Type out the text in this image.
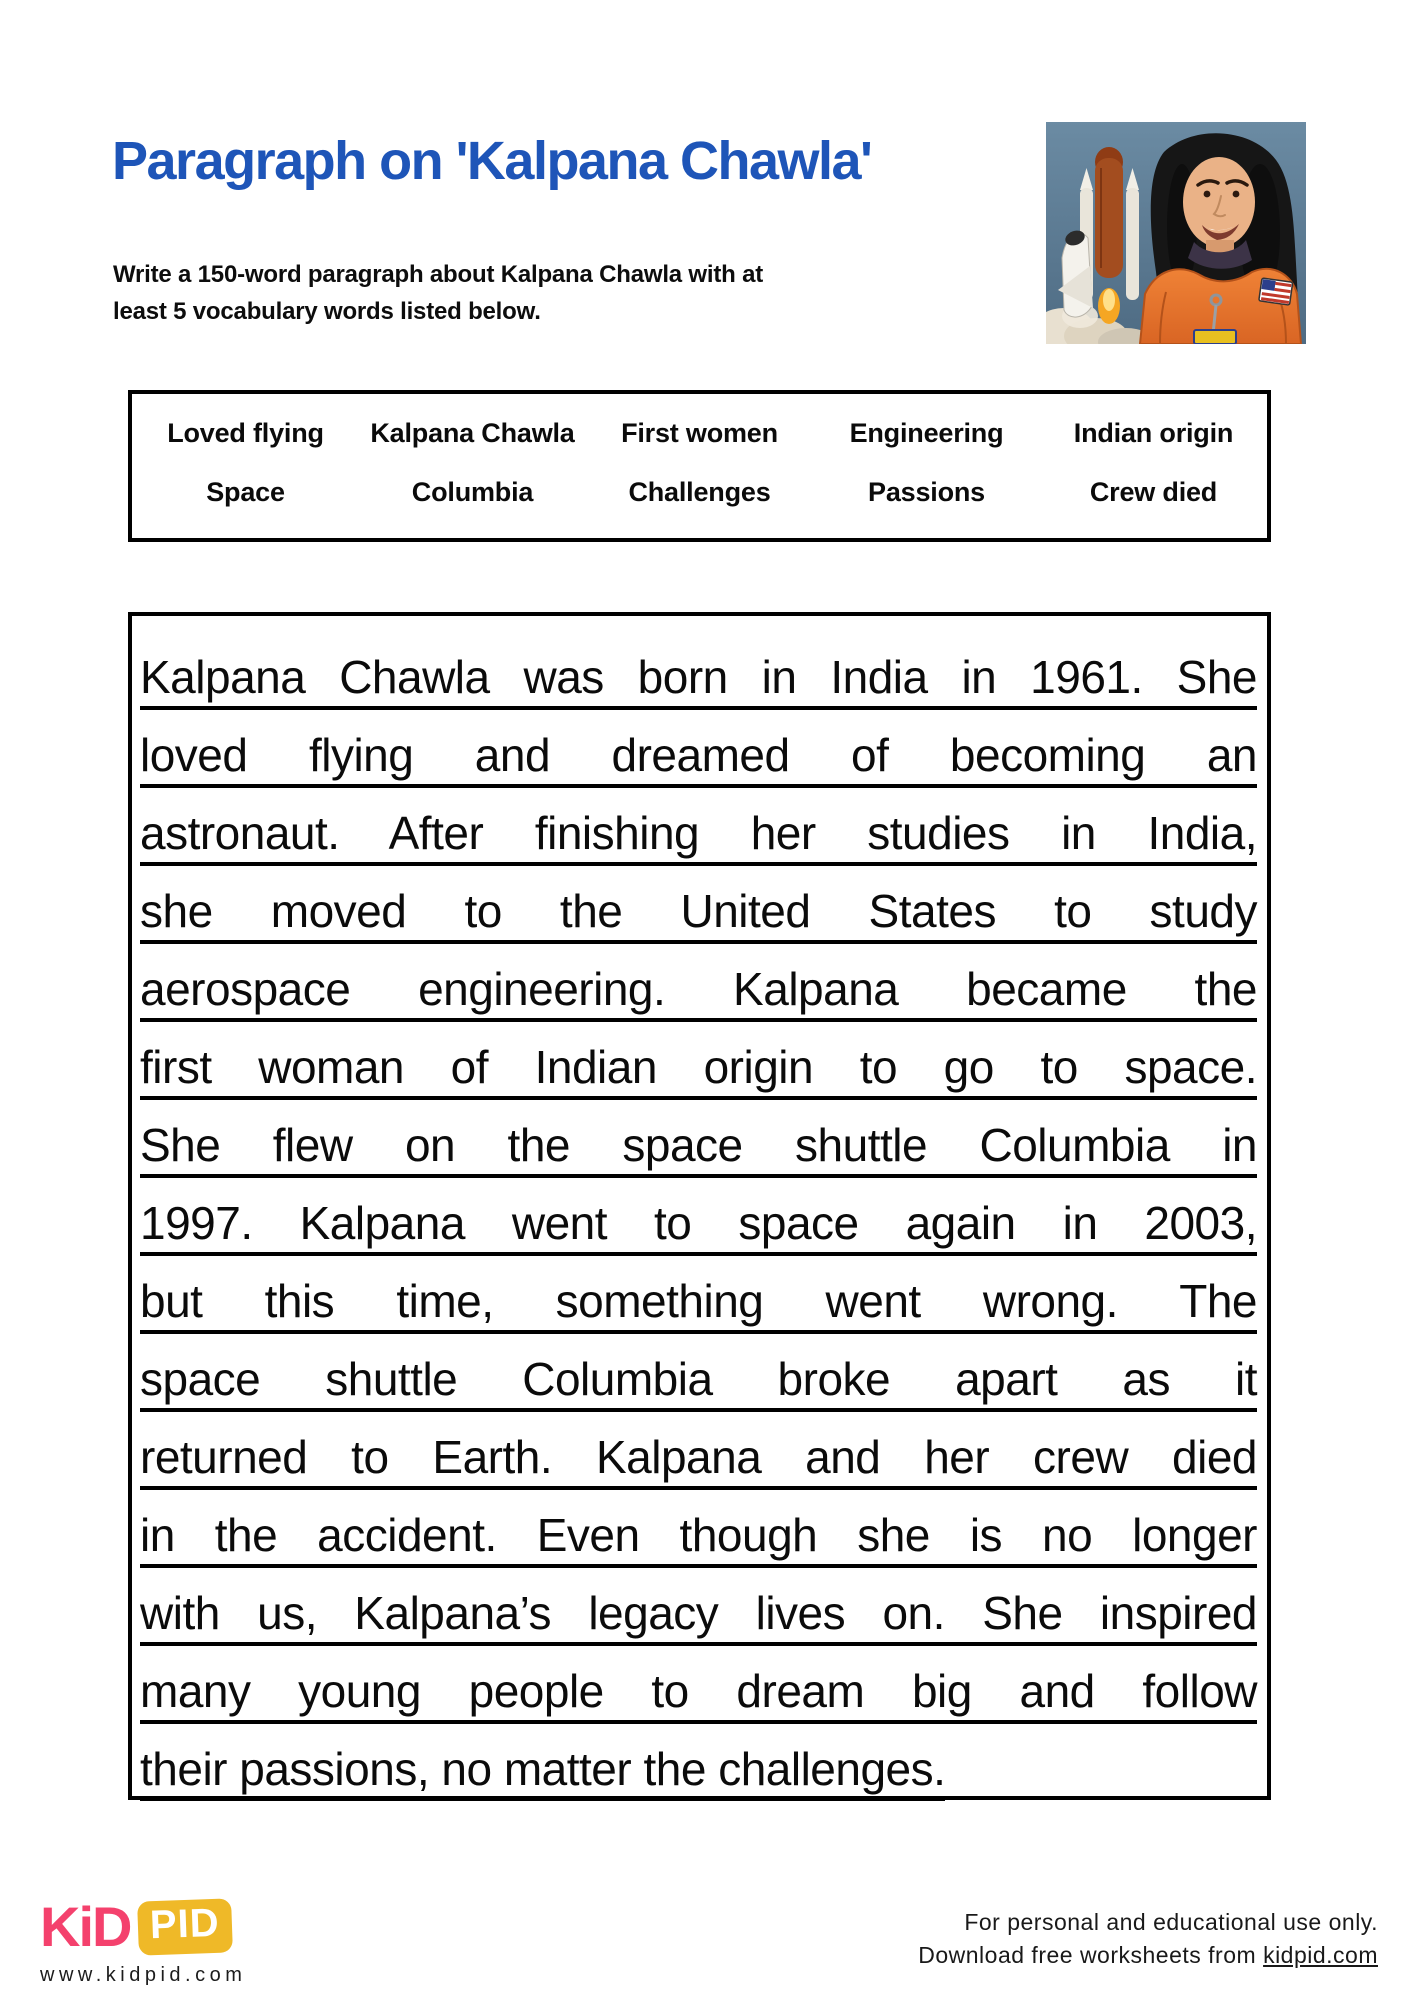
Paragraph on 'Kalpana Chawla'
Write a 150-word paragraph about Kalpana Chawla with at
least 5 vocabulary words listed below.
Loved flying	Kalpana Chawla	First women	Engineering	Indian origin
Space	Columbia	Challenges	Passions	Crew died
Kalpana Chawla was born in India in 1961. She
loved flying and dreamed of becoming an
astronaut. After finishing her studies in India,
she moved to the United States to study
aerospace engineering. Kalpana became the
first woman of Indian origin to go to space.
She flew on the space shuttle Columbia in
1997. Kalpana went to space again in 2003,
but this time, something went wrong. The
space shuttle Columbia broke apart as it
returned to Earth. Kalpana and her crew died
in the accident. Even though she is no longer
with us, Kalpana’s legacy lives on. She inspired
many young people to dream big and follow
their passions, no matter the challenges.
KiD PID
www.kidpid.com
For personal and educational use only.
Download free worksheets from kidpid.com
